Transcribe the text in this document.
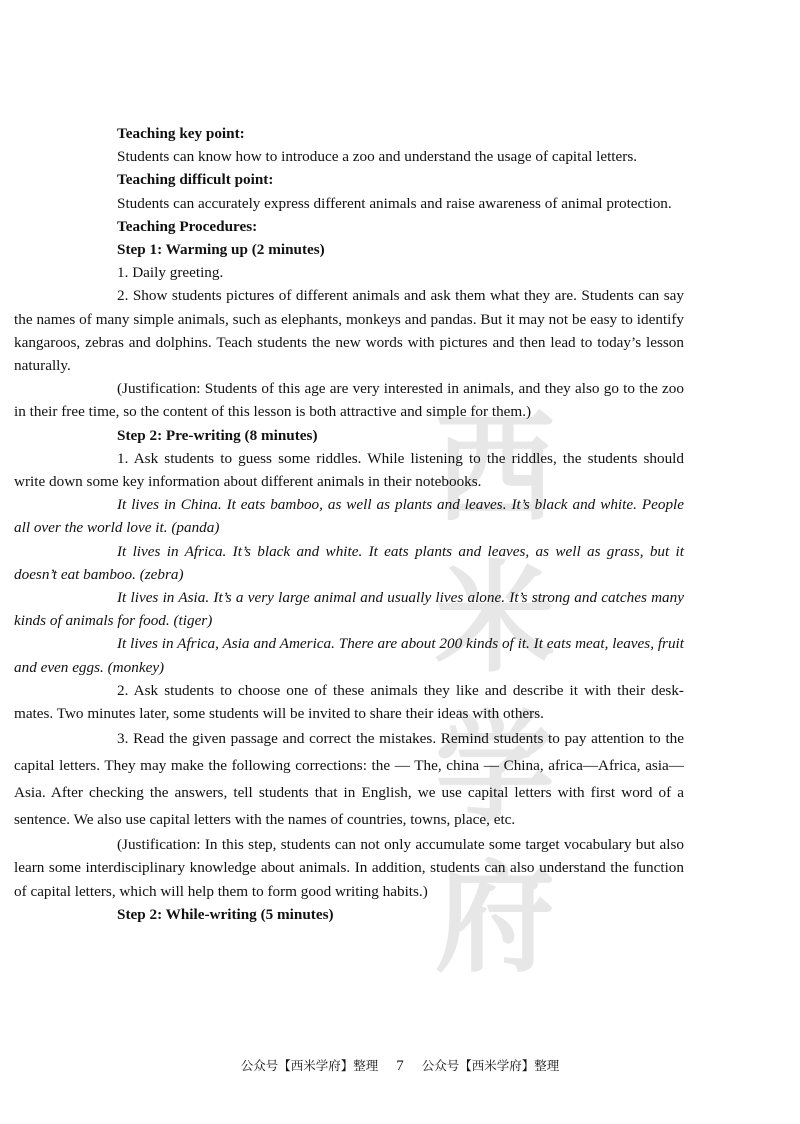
西米
学府

Teaching key point:

Students can know how to introduce a zoo and understand the usage of capital letters.

Teaching difficult point:

Students can accurately express different animals and raise awareness of animal protection.

Teaching Procedures:

Step 1: Warming up (2 minutes)

1. Daily greeting.

2. Show students pictures of different animals and ask them what they are. Students can say the names of many simple animals, such as elephants, monkeys and pandas. But it may not be easy to identify kangaroos, zebras and dolphins. Teach students the new words with pictures and then lead to today’s lesson naturally.

(Justification: Students of this age are very interested in animals, and they also go to the zoo in their free time, so the content of this lesson is both attractive and simple for them.)

Step 2: Pre-writing (8 minutes)

1. Ask students to guess some riddles. While listening to the riddles, the students should write down some key information about different animals in their notebooks.

It lives in China. It eats bamboo, as well as plants and leaves. It’s black and white. People all over the world love it. (panda)

It lives in Africa. It’s black and white. It eats plants and leaves, as well as grass, but it doesn’t eat bamboo. (zebra)

It lives in Asia. It’s a very large animal and usually lives alone. It’s strong and catches many kinds of animals for food. (tiger)

It lives in Africa, Asia and America. There are about 200 kinds of it. It eats meat, leaves, fruit and even eggs. (monkey)

2. Ask students to choose one of these animals they like and describe it with their desk-mates. Two minutes later, some students will be invited to share their ideas with others.

3. Read the given passage and correct the mistakes. Remind students to pay attention to the capital letters. They may make the following corrections: the — The, china — China, africa—Africa, asia—Asia. After checking the answers, tell students that in English, we use capital letters with first word of a sentence. We also use capital letters with the names of countries, towns, place, etc.

(Justification: In this step, students can not only accumulate some target vocabulary but also learn some interdisciplinary knowledge about animals. In addition, students can also understand the function of capital letters, which will help them to form good writing habits.)

Step 2: While-writing (5 minutes)

公众号【西米学府】整理 7 公众号【西米学府】整理
